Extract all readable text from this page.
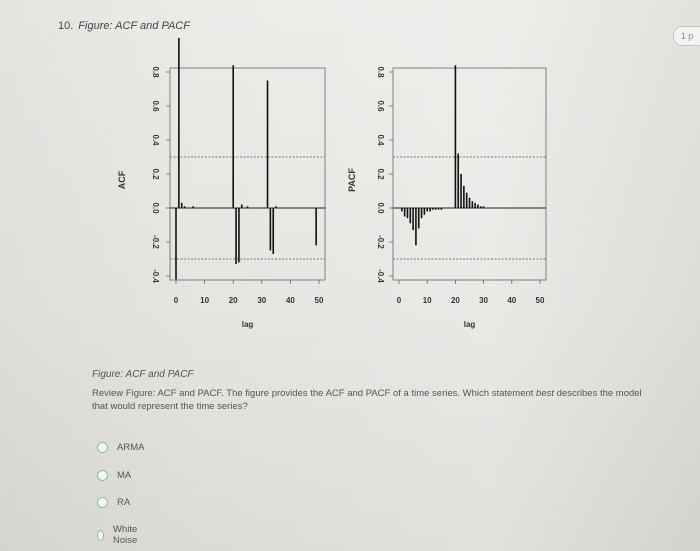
10. Figure: ACF and PACF
1 p
-0.4
-0.2
0.0
0.2
0.4
0.6
0.8
0	10 20 30 40 50
ACF
lag
-0.4
-0.2
0.0
0.2
0.4
0.6
0.8
0	10 20 30 40 50
PACF
lag
Figure: ACF and PACF
Review Figure: ACF and PACF. The figure provides the ACF and PACF of a time series. Which statement best describes the model that would represent the time series?
ARMA
MA
RA
White Noise
